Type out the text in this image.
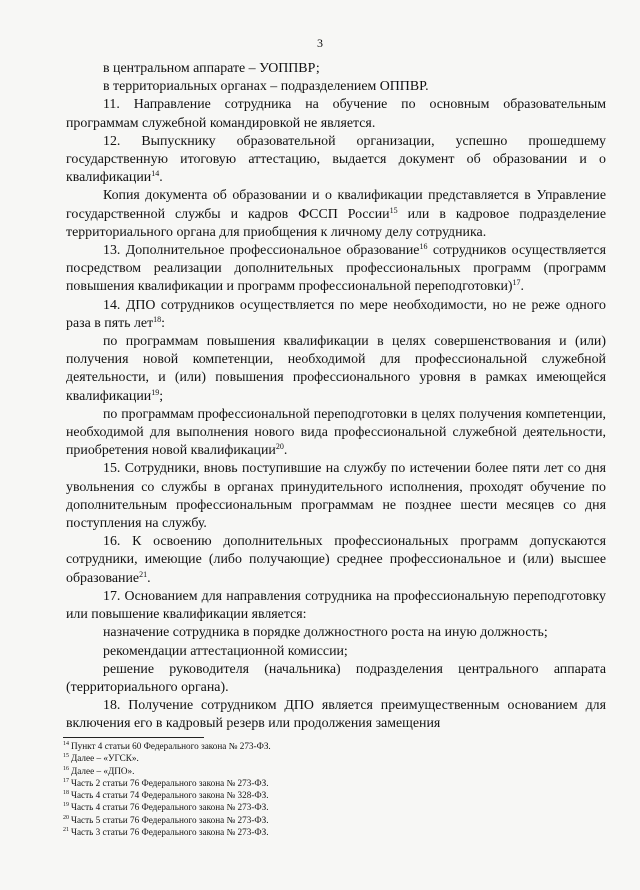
3

в центральном аппарате – УОППВР;

в территориальных органах – подразделением ОППВР.

11. Направление сотрудника на обучение по основным образовательным программам служебной командировкой не является.

12. Выпускнику образовательной организации, успешно прошедшему государственную итоговую аттестацию, выдается документ об образовании и о квалификации$^{14}$.

Копия документа об образовании и о квалификации представляется в Управление государственной службы и кадров ФССП России$^{15}$ или в кадровое подразделение территориального органа для приобщения к личному делу сотрудника.

13. Дополнительное профессиональное образование$^{16}$ сотрудников осуществляется посредством реализации дополнительных профессиональных программ (программ повышения квалификации и программ профессиональной переподготовки)$^{17}$.

14. ДПО сотрудников осуществляется по мере необходимости, но не реже одного раза в пять лет$^{18}$:

по программам повышения квалификации в целях совершенствования и (или) получения новой компетенции, необходимой для профессиональной служебной деятельности, и (или) повышения профессионального уровня в рамках имеющейся квалификации$^{19}$;

по программам профессиональной переподготовки в целях получения компетенции, необходимой для выполнения нового вида профессиональной служебной деятельности, приобретения новой квалификации$^{20}$.

15. Сотрудники, вновь поступившие на службу по истечении более пяти лет со дня увольнения со службы в органах принудительного исполнения, проходят обучение по дополнительным профессиональным программам не позднее шести месяцев со дня поступления на службу.

16. К освоению дополнительных профессиональных программ допускаются сотрудники, имеющие (либо получающие) среднее профессиональное и (или) высшее образование$^{21}$.

17. Основанием для направления сотрудника на профессиональную переподготовку или повышение квалификации является:

назначение сотрудника в порядке должностного роста на иную должность;

рекомендации аттестационной комиссии;

решение руководителя (начальника) подразделения центрального аппарата (территориального органа).

18. Получение сотрудником ДПО является преимущественным основанием для включения его в кадровый резерв или продолжения замещения

$^{14}$ Пункт 4 статьи 60 Федерального закона № 273-ФЗ.
$^{15}$ Далее – «УГСК».
$^{16}$ Далее – «ДПО».
$^{17}$ Часть 2 статьи 76 Федерального закона № 273-ФЗ.
$^{18}$ Часть 4 статьи 74 Федерального закона № 328-ФЗ.
$^{19}$ Часть 4 статьи 76 Федерального закона № 273-ФЗ.
$^{20}$ Часть 5 статьи 76 Федерального закона № 273-ФЗ.
$^{21}$ Часть 3 статьи 76 Федерального закона № 273-ФЗ.
